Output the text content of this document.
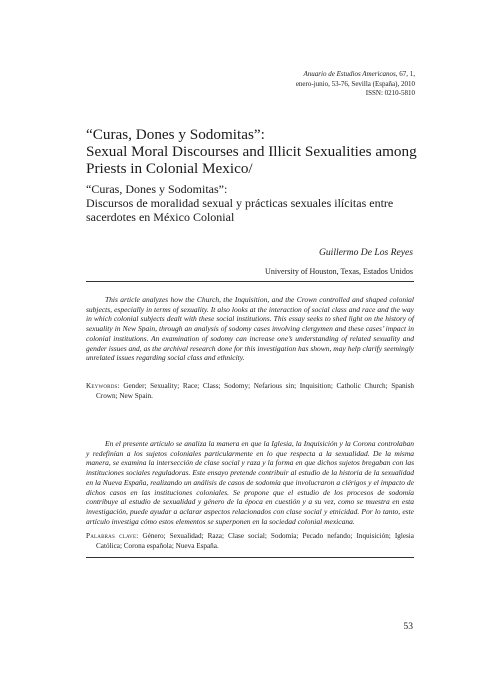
Anuario de Estudios Americanos, 67, 1,
enero-junio, 53-76, Sevilla (España), 2010
ISSN: 0210-5810
“Curas, Dones y Sodomitas”:
Sexual Moral Discourses and Illicit Sexualities among Priests in Colonial Mexico/
“Curas, Dones y Sodomitas”:
Discursos de moralidad sexual y prácticas sexuales ilícitas entre sacerdotes en México Colonial
Guillermo De Los Reyes
University of Houston, Texas, Estados Unidos

This article analyzes how the Church, the Inquisition, and the Crown controlled and shaped colonial subjects, especially in terms of sexuality. It also looks at the interaction of social class and race and the way in which colonial subjects dealt with these social institutions. This essay seeks to shed light on the history of sexuality in New Spain, through an analysis of sodomy cases involving clergymen and these cases’ impact in colonial institutions. An examination of sodomy can increase one’s understanding of related sexuality and gender issues and, as the archival research done for this investigation has shown, may help clarify seemingly unrelated issues regarding social class and ethnicity.

Keywords: Gender; Sexuality; Race; Class; Sodomy; Nefarious sin; Inquisition; Catholic Church; Spanish Crown; New Spain.

En el presente artículo se analiza la manera en que la Iglesia, la Inquisición y la Corona controlaban y redefinían a los sujetos coloniales particularmente en lo que respecta a la sexualidad. De la misma manera, se examina la intersección de clase social y raza y la forma en que dichos sujetos bregaban con las instituciones sociales reguladoras. Este ensayo pretende contribuir al estudio de la historia de la sexualidad en la Nueva España, realizando un análisis de casos de sodomía que involucraron a clérigos y el impacto de dichos casos en las instituciones coloniales. Se propone que el estudio de los procesos de sodomía contribuye al estudio de sexualidad y género de la época en cuestión y a su vez, como se muestra en esta investigación, puede ayudar a aclarar aspectos relacionados con clase social y etnicidad. Por lo tanto, este artículo investiga cómo estos elementos se superponen en la sociedad colonial mexicana.

Palabras clave: Género; Sexualidad; Raza; Clase social; Sodomía; Pecado nefando; Inquisición; Iglesia Católica; Corona española; Nueva España.
53
